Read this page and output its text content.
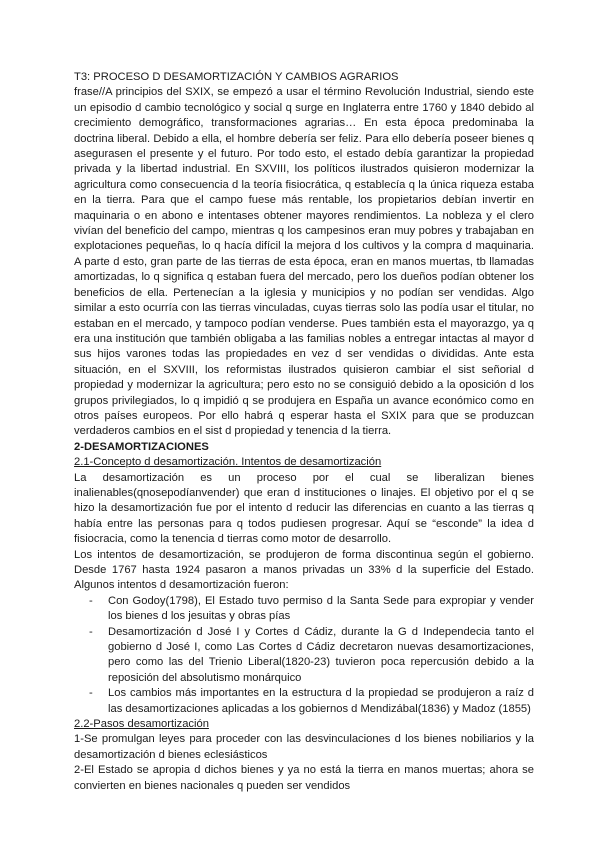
T3: PROCESO D DESAMORTIZACIÓN Y CAMBIOS AGRARIOS

frase//A principios del SXIX, se empezó a usar el término Revolución Industrial, siendo este un episodio d cambio tecnológico y social q surge en Inglaterra entre 1760 y 1840 debido al crecimiento demográfico, transformaciones agrarias… En esta época predominaba la doctrina liberal. Debido a ella, el hombre debería ser feliz. Para ello debería poseer bienes q asegurasen el presente y el futuro. Por todo esto, el estado debía garantizar la propiedad privada y la libertad industrial. En SXVIII, los políticos ilustrados quisieron modernizar la agricultura como consecuencia d la teoría fisiocrática, q establecía q la única riqueza estaba en la tierra. Para que el campo fuese más rentable, los propietarios debían invertir en maquinaria o en abono e intentases obtener mayores rendimientos. La nobleza y el clero vivían del beneficio del campo, mientras q los campesinos eran muy pobres y trabajaban en explotaciones pequeñas, lo q hacía difícil la mejora d los cultivos y la compra d maquinaria. A parte d esto, gran parte de las tierras de esta época, eran en manos muertas, tb llamadas amortizadas, lo q significa q estaban fuera del mercado, pero los dueños podían obtener los beneficios de ella. Pertenecían a la iglesia y municipios y no podían ser vendidas. Algo similar a esto ocurría con las tierras vinculadas, cuyas tierras solo las podía usar el titular, no estaban en el mercado, y tampoco podían venderse. Pues también esta el mayorazgo, ya q era una institución que también obligaba a las familias nobles a entregar intactas al mayor d sus hijos varones todas las propiedades en vez d ser vendidas o divididas. Ante esta situación, en el SXVIII, los reformistas ilustrados quisieron cambiar el sist señorial d propiedad y modernizar la agricultura; pero esto no se consiguió debido a la oposición d los grupos privilegiados, lo q impidió q se produjera en España un avance económico como en otros países europeos. Por ello habrá q esperar hasta el SXIX para que se produzcan verdaderos cambios en el sist d propiedad y tenencia d la tierra.

2-DESAMORTIZACIONES

2.1-Concepto d desamortización. Intentos de desamortización

La desamortización es un proceso por el cual se liberalizan bienes inalienables(qnosepodíanvender) que eran d instituciones o linajes. El objetivo por el q se hizo la desamortización fue por el intento d reducir las diferencias en cuanto a las tierras q había entre las personas para q todos pudiesen progresar. Aquí se “esconde” la idea d fisiocracia, como la tenencia d tierras como motor de desarrollo.

Los intentos de desamortización, se produjeron de forma discontinua según el gobierno. Desde 1767 hasta 1924 pasaron a manos privadas un 33% d la superficie del Estado. Algunos intentos d desamortización fueron:

- Con Godoy(1798), El Estado tuvo permiso d la Santa Sede para expropiar y vender los bienes d los jesuitas y obras pías
- Desamortización d José I y Cortes d Cádiz, durante la G d Independecia tanto el gobierno d José I, como Las Cortes d Cádiz decretaron nuevas desamortizaciones, pero como las del Trienio Liberal(1820-23) tuvieron poca repercusión debido a la reposición del absolutismo monárquico
- Los cambios más importantes en la estructura d la propiedad se produjeron a raíz d las desamortizaciones aplicadas a los gobiernos d Mendizábal(1836) y Madoz (1855)

2.2-Pasos desamortización

1-Se promulgan leyes para proceder con las desvinculaciones d los bienes nobiliarios y la desamortización d bienes eclesiásticos

2-El Estado se apropia d dichos bienes y ya no está la tierra en manos muertas; ahora se convierten en bienes nacionales q pueden ser vendidos
